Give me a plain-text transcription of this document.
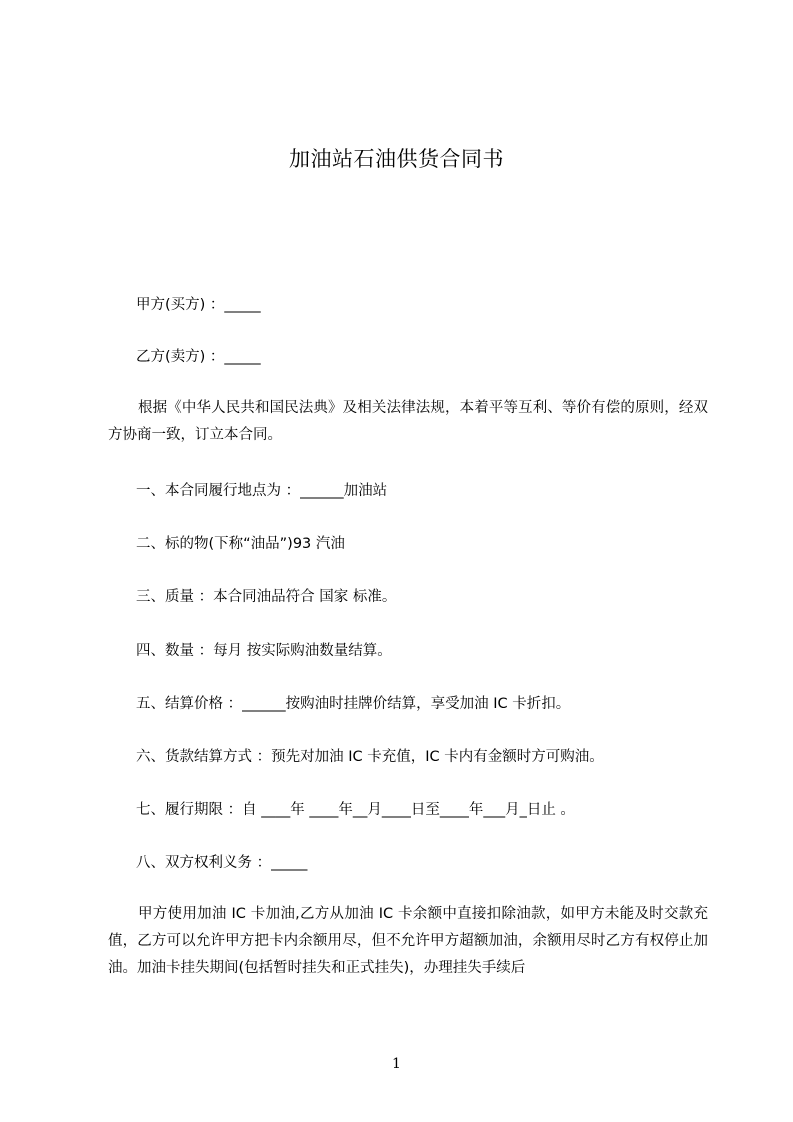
加油站石油供货合同书
甲方(买方) ：_____
乙方(卖方) ：_____
根据《中华人民共和国民法典》及相关法律法规，本着平等互利、等价有偿的原则，经双方协商一致，订立本合同。
一、本合同履行地点为 ：______加油站
二、标的物(下称“油品”)93 汽油
三、质量 ：本合同油品符合 国家 标准。
四、数量 ：每月 按实际购油数量结算。
五、结算价格 ：______按购油时挂牌价结算，享受加油 IC 卡折扣。
六、货款结算方式 ：预先对加油 IC 卡充值，IC 卡内有金额时方可购油。
七、履行期限 ：自 ____年 ____年__月____日至____年___月_日止 。
八、双方权利义务 ：_____
甲方使用加油 IC 卡加油,乙方从加油 IC 卡余额中直接扣除油款，如甲方未能及时交款充值，乙方可以允许甲方把卡内余额用尽，但不允许甲方超额加油，余额用尽时乙方有权停止加油。加油卡挂失期间(包括暂时挂失和正式挂失)，办理挂失手续后
1
